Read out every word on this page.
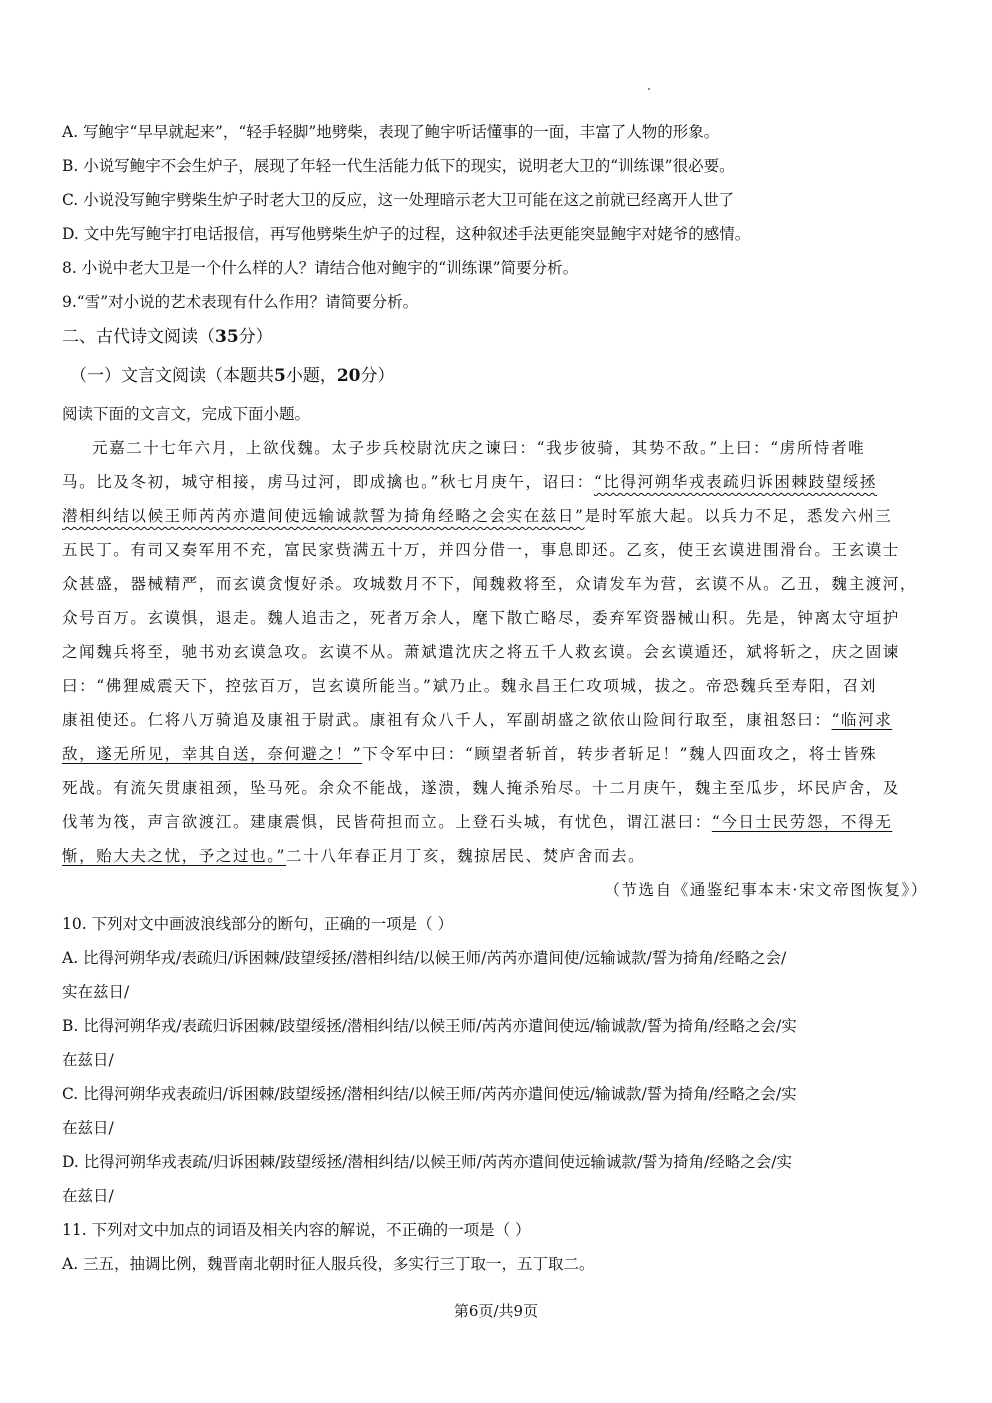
A. 写鲍宇“早早就起来”，“轻手轻脚”地劈柴，表现了鲍宇听话懂事的一面，丰富了人物的形象。
B. 小说写鲍宇不会生炉子，展现了年轻一代生活能力低下的现实，说明老大卫的“训练课”很必要。
C. 小说没写鲍宇劈柴生炉子时老大卫的反应，这一处理暗示老大卫可能在这之前就已经离开人世了
D. 文中先写鲍宇打电话报信，再写他劈柴生炉子的过程，这种叙述手法更能突显鲍宇对姥爷的感情。
8. 小说中老大卫是一个什么样的人？请结合他对鲍宇的“训练课”简要分析。
9.“雪”对小说的艺术表现有什么作用？请简要分析。
二、古代诗文阅读（35分）
（一）文言文阅读（本题共5小题，20分）
阅读下面的文言文，完成下面小题。
元嘉二十七年六月，上欲伐魏。太子步兵校尉沈庆之谏曰：“我步彼骑，其势不敌。”上曰：“虏所恃者唯
马。比及冬初，城守相接，虏马过河，即成擒也。”秋七月庚午，诏曰：“比得河朔华戎表疏归诉困棘跂望绥拯
潜相纠结以候王师芮芮亦遣间使远输诚款誓为掎角经略之会实在兹日”是时军旅大起。以兵力不足，悉发六州三
五民丁。有司又奏军用不充，富民家赀满五十万，并四分借一，事息即还。乙亥，使王玄谟进围滑台。王玄谟士
众甚盛，器械精严，而玄谟贪愎好杀。攻城数月不下，闻魏救将至，众请发车为营，玄谟不从。乙丑，魏主渡河，
众号百万。玄谟惧，退走。魏人追击之，死者万余人，麾下散亡略尽，委弃军资器械山积。先是，钟离太守垣护
之闻魏兵将至，驰书劝玄谟急攻。玄谟不从。萧斌遣沈庆之将五千人救玄谟。会玄谟遁还，斌将斩之，庆之固谏
曰：“佛狸威震天下，控弦百万，岂玄谟所能当。”斌乃止。魏永昌王仁攻项城，拔之。帝恐魏兵至寿阳，召刘
康祖使还。仁将八万骑追及康祖于尉武。康祖有众八千人，军副胡盛之欲依山险间行取至，康祖怒曰：“临河求
敌，遂无所见，幸其自送，奈何避之！”下令军中曰：“顾望者斩首，转步者斩足！”魏人四面攻之，将士皆殊
死战。有流矢贯康祖颈，坠马死。余众不能战，遂溃，魏人掩杀殆尽。十二月庚午，魏主至瓜步，坏民庐舍，及
伐苇为筏，声言欲渡江。建康震惧，民皆荷担而立。上登石头城，有忧色，谓江湛曰：“今日士民劳怨，不得无
惭，贻大夫之忧，予之过也。”二十八年春正月丁亥，魏掠居民、焚庐舍而去。
（节选自《通鉴纪事本末·宋文帝图恢复》）
10. 下列对文中画波浪线部分的断句，正确的一项是（ ）
A. 比得河朔华戎/表疏归/诉困棘/跂望绥拯/潜相纠结/以候王师/芮芮亦遣间使/远输诚款/誓为掎角/经略之会/
实在兹日/
B. 比得河朔华戎/表疏归诉困棘/跂望绥拯/潜相纠结/以候王师/芮芮亦遣间使远/输诚款/誓为掎角/经略之会/实
在兹日/
C. 比得河朔华戎表疏归/诉困棘/跂望绥拯/潜相纠结/以候王师/芮芮亦遣间使远/输诚款/誓为掎角/经略之会/实
在兹日/
D. 比得河朔华戎表疏/归诉困棘/跂望绥拯/潜相纠结/以候王师/芮芮亦遣间使远输诚款/誓为掎角/经略之会/实
在兹日/
11. 下列对文中加点的词语及相关内容的解说，不正确的一项是（ ）
A. 三五，抽调比例，魏晋南北朝时征人服兵役，多实行三丁取一，五丁取二。
第6页/共9页
